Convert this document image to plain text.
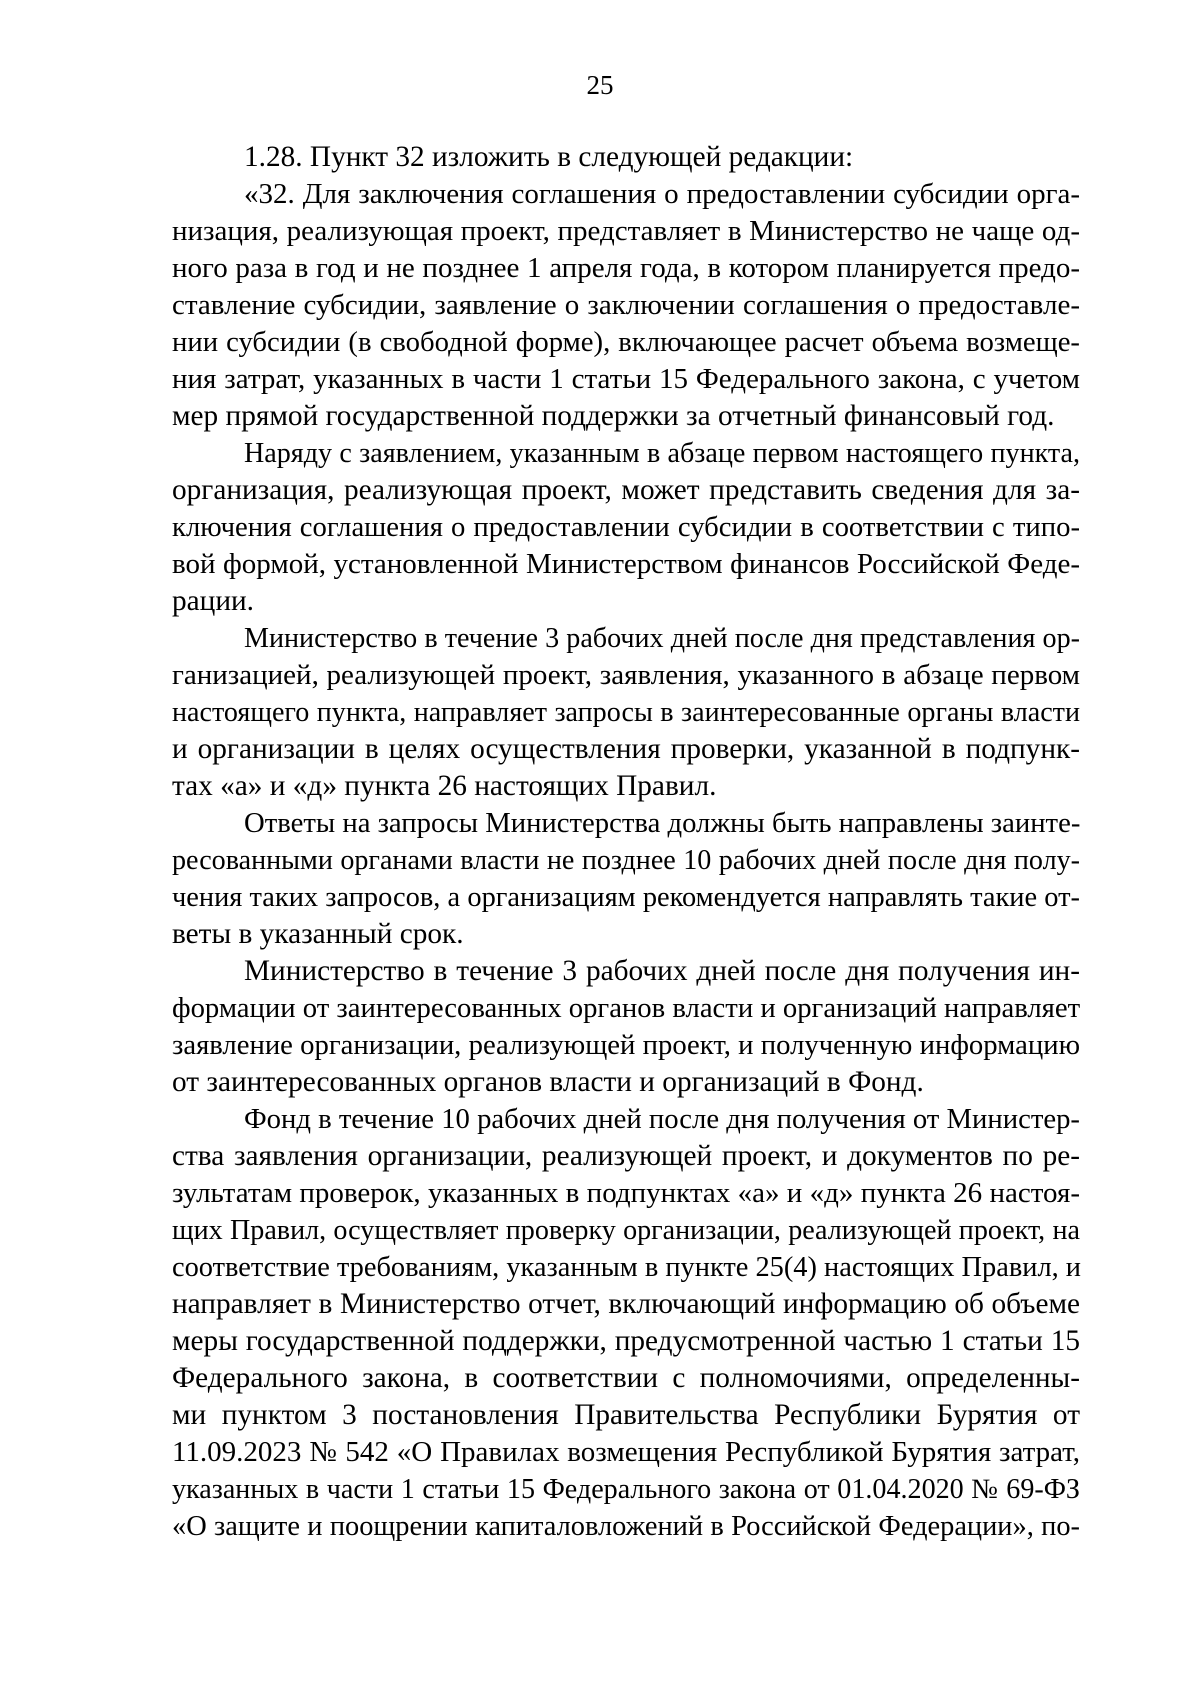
25
1.28. Пункт 32 изложить в следующей редакции:
«32. Для заключения соглашения о предоставлении субсидии орга-
низация, реализующая проект, представляет в Министерство не чаще од-
ного раза в год и не позднее 1 апреля года, в котором планируется предо-
ставление субсидии, заявление о заключении соглашения о предоставле-
нии субсидии (в свободной форме), включающее расчет объема возмеще-
ния затрат, указанных в части 1 статьи 15 Федерального закона, с учетом
мер прямой государственной поддержки за отчетный финансовый год.
Наряду с заявлением, указанным в абзаце первом настоящего пункта,
организация, реализующая проект, может представить сведения для за-
ключения соглашения о предоставлении субсидии в соответствии с типо-
вой формой, установленной Министерством финансов Российской Феде-
рации.
Министерство в течение 3 рабочих дней после дня представления ор-
ганизацией, реализующей проект, заявления, указанного в абзаце первом
настоящего пункта, направляет запросы в заинтересованные органы власти
и организации в целях осуществления проверки, указанной в подпунк-
тах «а» и «д» пункта 26 настоящих Правил.
Ответы на запросы Министерства должны быть направлены заинте-
ресованными органами власти не позднее 10 рабочих дней после дня полу-
чения таких запросов, а организациям рекомендуется направлять такие от-
веты в указанный срок.
Министерство в течение 3 рабочих дней после дня получения ин-
формации от заинтересованных органов власти и организаций направляет
заявление организации, реализующей проект, и полученную информацию
от заинтересованных органов власти и организаций в Фонд.
Фонд в течение 10 рабочих дней после дня получения от Министер-
ства заявления организации, реализующей проект, и документов по ре-
зультатам проверок, указанных в подпунктах «а» и «д» пункта 26 настоя-
щих Правил, осуществляет проверку организации, реализующей проект, на
соответствие требованиям, указанным в пункте 25(4) настоящих Правил, и
направляет в Министерство отчет, включающий информацию об объеме
меры государственной поддержки, предусмотренной частью 1 статьи 15
Федерального закона, в соответствии с полномочиями, определенны-
ми пунктом 3 постановления Правительства Республики Бурятия от
11.09.2023 № 542 «О Правилах возмещения Республикой Бурятия затрат,
указанных в части 1 статьи 15 Федерального закона от 01.04.2020 № 69-ФЗ
«О защите и поощрении капиталовложений в Российской Федерации», по-
